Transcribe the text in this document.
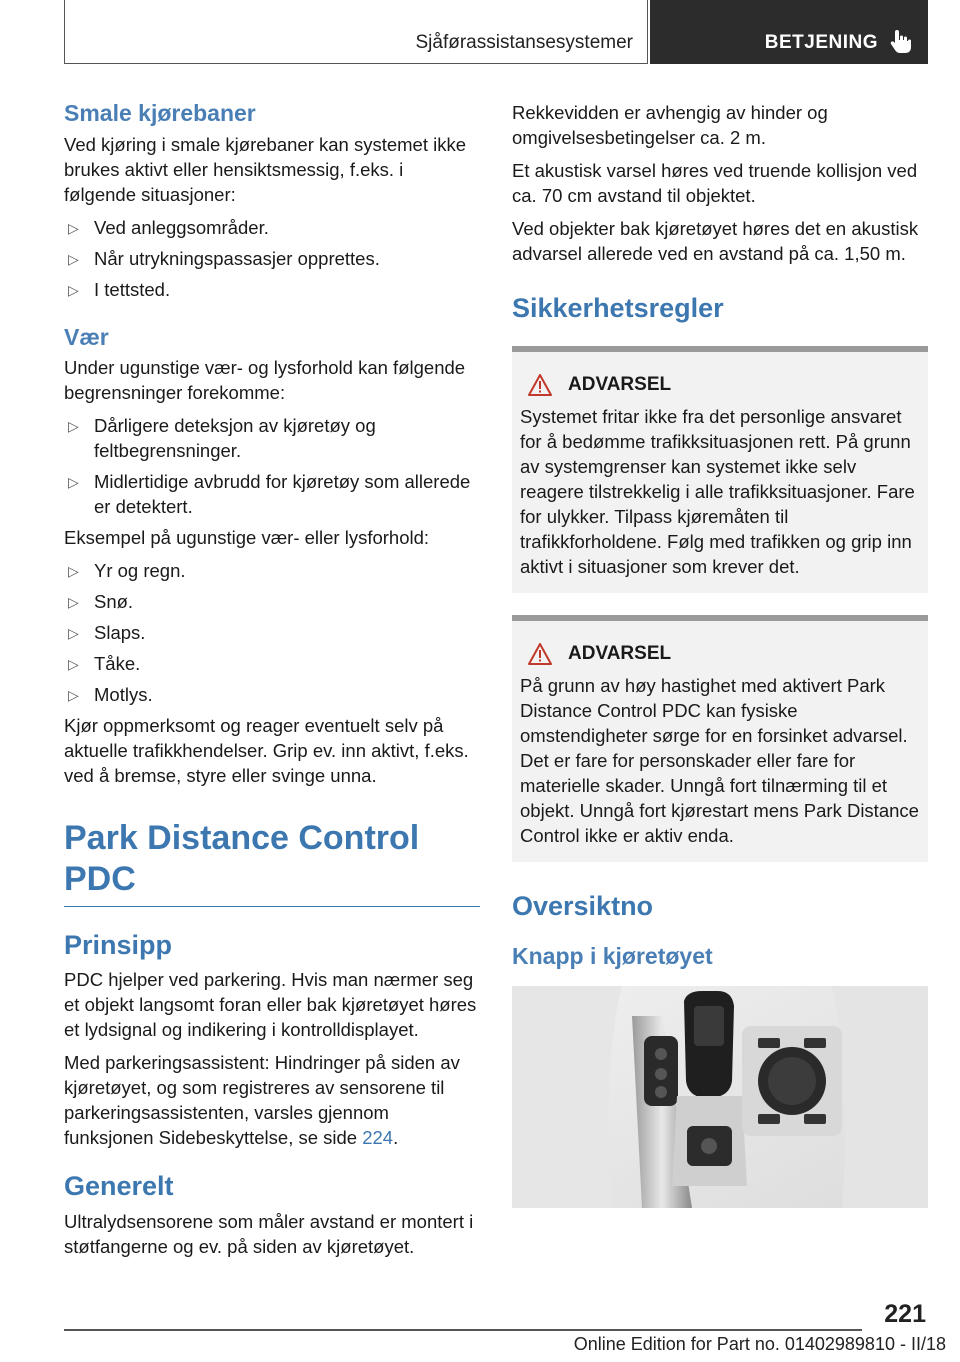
Sjåførassistansesystemer	BETJENING
Smale kjørebaner

Ved kjøring i smale kjørebaner kan systemet ikke brukes aktivt eller hensiktsmessig, f.eks. i følgende situasjoner:

▷ Ved anleggsområder.
▷ Når utrykningspassasjer opprettes.
▷ I tettsted.
Vær

Under ugunstige vær- og lysforhold kan følgende begrensninger forekomme:

▷ Dårligere deteksjon av kjøretøy og feltbegrensninger.
▷ Midlertidige avbrudd for kjøretøy som allerede er detektert.

Eksempel på ugunstige vær- eller lysforhold:

▷ Yr og regn.
▷ Snø.
▷ Slaps.
▷ Tåke.
▷ Motlys.

Kjør oppmerksomt og reager eventuelt selv på aktuelle trafikkhendelser. Grip ev. inn aktivt, f.eks. ved å bremse, styre eller svinge unna.

Park Distance Control PDC
Prinsipp

PDC hjelper ved parkering. Hvis man nærmer seg et objekt langsomt foran eller bak kjøretøyet høres et lydsignal og indikering i kontrolldisplayet.

Med parkeringsassistent: Hindringer på siden av kjøretøyet, og som registreres av sensorene til parkeringsassistenten, varsles gjennom funksjonen Sidebeskyttelse, se side 224.

Generelt

Ultralydsensorene som måler avstand er montert i støtfangerne og ev. på siden av kjøretøyet.

Rekkevidden er avhengig av hinder og omgivelsesbetingelser ca. 2 m.

Et akustisk varsel høres ved truende kollisjon ved ca. 70 cm avstand til objektet.

Ved objekter bak kjøretøyet høres det en akustisk advarsel allerede ved en avstand på ca. 1,50 m.

Sikkerhetsregler
ADVARSEL

Systemet fritar ikke fra det personlige ansvaret for å bedømme trafikksituasjonen rett. På grunn av systemgrenser kan systemet ikke selv reagere tilstrekkelig i alle trafikksituasjoner. Fare for ulykker. Tilpass kjøremåten til trafikkforholdene. Følg med trafikken og grip inn aktivt i situasjoner som krever det.

ADVARSEL

På grunn av høy hastighet med aktivert Park Distance Control PDC kan fysiske omstendigheter sørge for en forsinket advarsel. Det er fare for personskader eller fare for materielle skader. Unngå fort tilnærming til et objekt. Unngå fort kjørestart mens Park Distance Control ikke er aktiv enda.

Oversiktno
Knapp i kjøretøyet
221
Online Edition for Part no. 01402989810 - II/18
